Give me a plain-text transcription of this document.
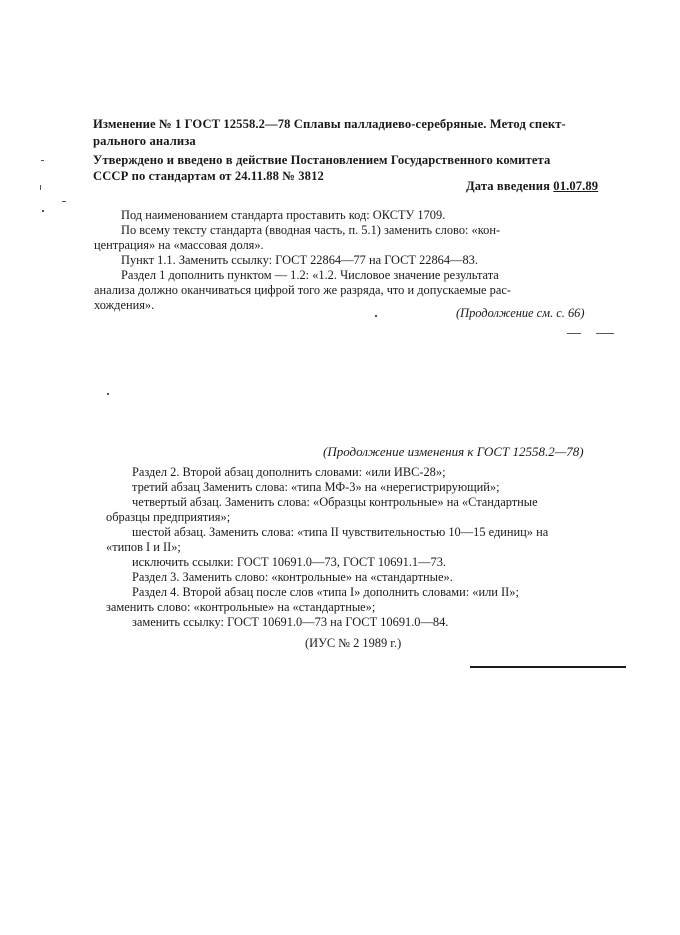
Изменение № 1 ГОСТ 12558.2—78 Сплавы палладиево-серебряные. Метод спект-
рального анализа
Утверждено и введено в действие Постановлением Государственного комитета
СССР по стандартам от 24.11.88 № 3812
Дата введения 01.07.89
Под наименованием стандарта проставить код: ОКСТУ 1709.
По всему тексту стандарта (вводная часть, п. 5.1) заменить слово: «кон-
центрация» на «массовая доля».
Пункт 1.1. Заменить ссылку: ГОСТ 22864—77 на ГОСТ 22864—83.
Раздел 1 дополнить пунктом — 1.2: «1.2. Числовое значение результата
анализа должно оканчиваться цифрой того же разряда, что и допускаемые рас-
хождения».
(Продолжение см. с. 66)
(Продолжение изменения к ГОСТ 12558.2—78)
Раздел 2. Второй абзац дополнить словами: «или ИВС-28»;
третий абзац Заменить слова: «типа МФ-3» на «нерегистрирующий»;
четвертый абзац. Заменить слова: «Образцы контрольные» на «Стандартные
образцы предприятия»;
шестой абзац. Заменить слова: «типа II чувствительностью 10—15 единиц» на
«типов I и II»;
исключить ссылки: ГОСТ 10691.0—73, ГОСТ 10691.1—73.
Раздел 3. Заменить слово: «контрольные» на «стандартные».
Раздел 4. Второй абзац после слов «типа I» дополнить словами: «или II»;
заменить слово: «контрольные» на «стандартные»;
заменить ссылку: ГОСТ 10691.0—73 на ГОСТ 10691.0—84.
(ИУС № 2 1989 г.)
